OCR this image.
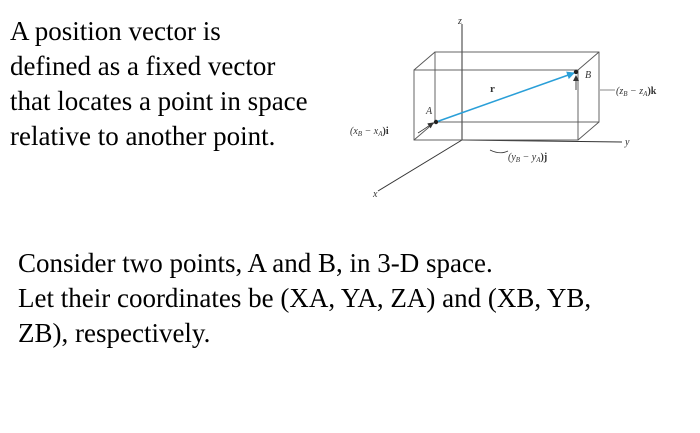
A position vector is
defined as a fixed vector
that locates a point in space
relative to another point.
z
y
x
A
B
r	$(z_B - z_A)k$
$(x_B - x_A)i$
$(y_B - y_A)j$
Consider two points, A and B, in 3-D space.
Let their coordinates be (XA, YA, ZA) and (XB, YB,
ZB), respectively.
